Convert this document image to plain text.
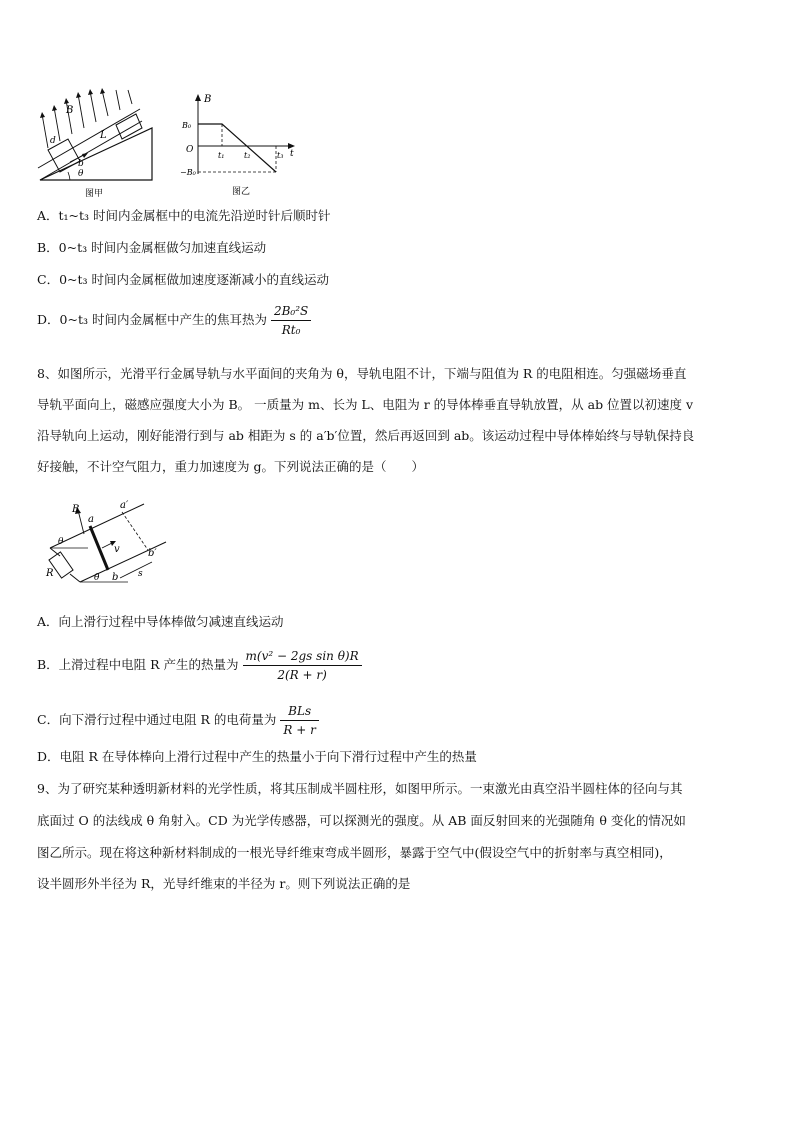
B
d	L
b
θ
图甲
B
B₀
O
t₁ t₂	t₃ t
−B₀
图乙
A．t₁~t₃ 时间内金属框中的电流先沿逆时针后顺时针
B．0~t₃ 时间内金属框做匀加速直线运动
C．0~t₃ 时间内金属框做加速度逐渐减小的直线运动
D．0~t₃ 时间内金属框中产生的焦耳热为 $\frac{\text{2B₀²S}}{\text{Rt₀}}$
8、如图所示，光滑平行金属导轨与水平面间的夹角为 θ，导轨电阻不计，下端与阻值为 R 的电阻相连。匀强磁场垂直
导轨平面向上，磁感应强度大小为 B。 一质量为 m、长为 L、电阻为 r 的导体棒垂直导轨放置，从 ab 位置以初速度 v
沿导轨向上运动，刚好能滑行到与 ab 相距为 s 的 a′b′位置，然后再返回到 ab。该运动过程中导体棒始终与导轨保持良
好接触，不计空气阻力，重力加速度为 g。下列说法正确的是（　　）
B
a
a′
v
b
b′
R
θ
θ	s
A．向上滑行过程中导体棒做匀减速直线运动
B．上滑过程中电阻 R 产生的热量为 $\frac{\text{m(v² − 2gs sin θ)R}}{2(R + r)}$
C．向下滑行过程中通过电阻 R 的电荷量为 $\frac{\text{BLs}}{R + r}$
D．电阻 R 在导体棒向上滑行过程中产生的热量小于向下滑行过程中产生的热量
9、为了研究某种透明新材料的光学性质，将其压制成半圆柱形，如图甲所示。一束激光由真空沿半圆柱体的径向与其
底面过 O 的法线成 θ 角射入。CD 为光学传感器，可以探测光的强度。从 AB 面反射回来的光强随角 θ 变化的情况如
图乙所示。现在将这种新材料制成的一根光导纤维束弯成半圆形，暴露于空气中(假设空气中的折射率与真空相同)，
设半圆形外半径为 R，光导纤维束的半径为 r。则下列说法正确的是
